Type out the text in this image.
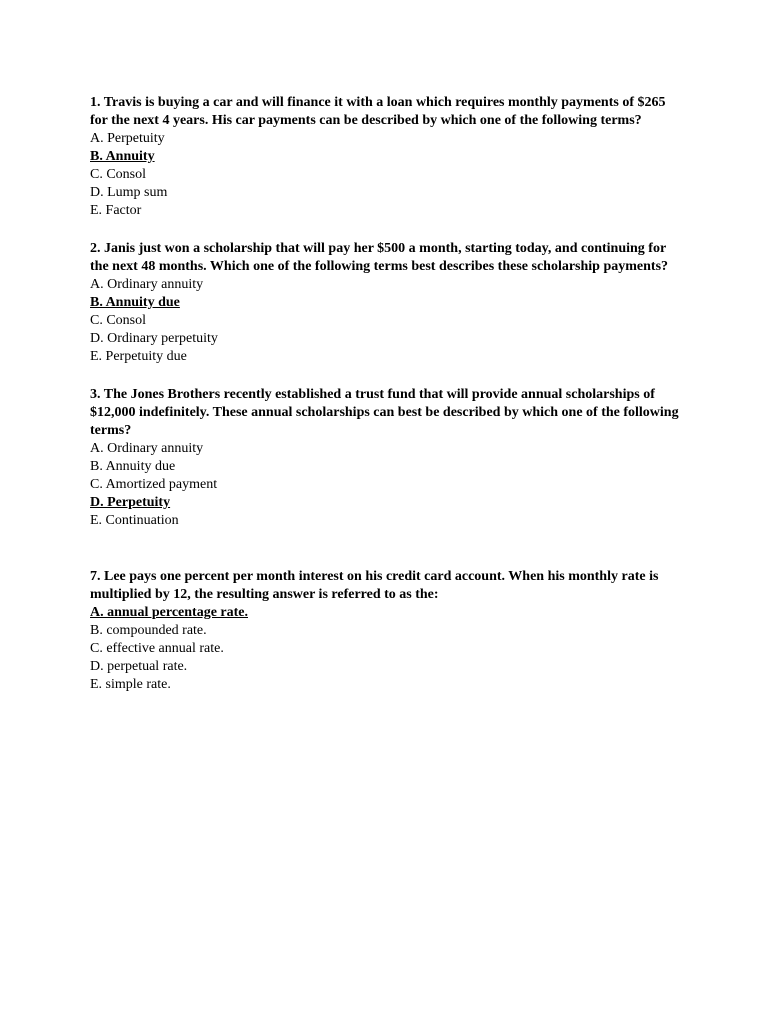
1. Travis is buying a car and will finance it with a loan which requires monthly payments of $265 for the next 4 years. His car payments can be described by which one of the following terms?

A. Perpetuity

B. Annuity

C. Consol

D. Lump sum

E. Factor

2. Janis just won a scholarship that will pay her $500 a month, starting today, and continuing for the next 48 months. Which one of the following terms best describes these scholarship payments?

A. Ordinary annuity

B. Annuity due

C. Consol

D. Ordinary perpetuity

E. Perpetuity due

3. The Jones Brothers recently established a trust fund that will provide annual scholarships of $12,000 indefinitely. These annual scholarships can best be described by which one of the following terms?

A. Ordinary annuity

B. Annuity due

C. Amortized payment

D. Perpetuity

E. Continuation

7. Lee pays one percent per month interest on his credit card account. When his monthly rate is multiplied by 12, the resulting answer is referred to as the:

A. annual percentage rate.

B. compounded rate.

C. effective annual rate.

D. perpetual rate.

E. simple rate.
